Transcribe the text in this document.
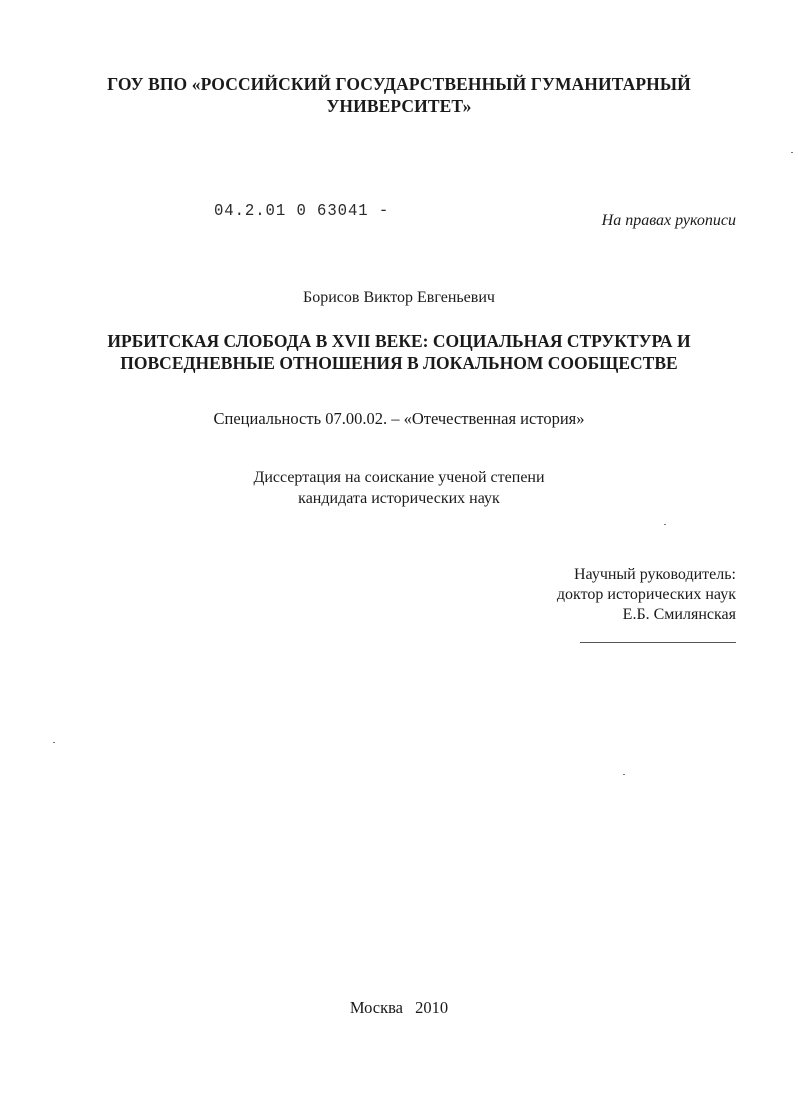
ГОУ ВПО «РОССИЙСКИЙ ГОСУДАРСТВЕННЫЙ ГУМАНИТАРНЫЙ
УНИВЕРСИТЕТ»
04.2.01 0 63041 -	На правах рукописи
Борисов Виктор Евгеньевич
ИРБИТСКАЯ СЛОБОДА В XVII ВЕКЕ: СОЦИАЛЬНАЯ СТРУКТУРА И
ПОВСЕДНЕВНЫЕ ОТНОШЕНИЯ В ЛОКАЛЬНОМ СООБЩЕСТВЕ
Специальность 07.00.02. – «Отечественная история»
Диссертация на соискание ученой степени
кандидата исторических наук
Научный руководитель:
доктор исторических наук
Е.Б. Смилянская
Москва 2010
